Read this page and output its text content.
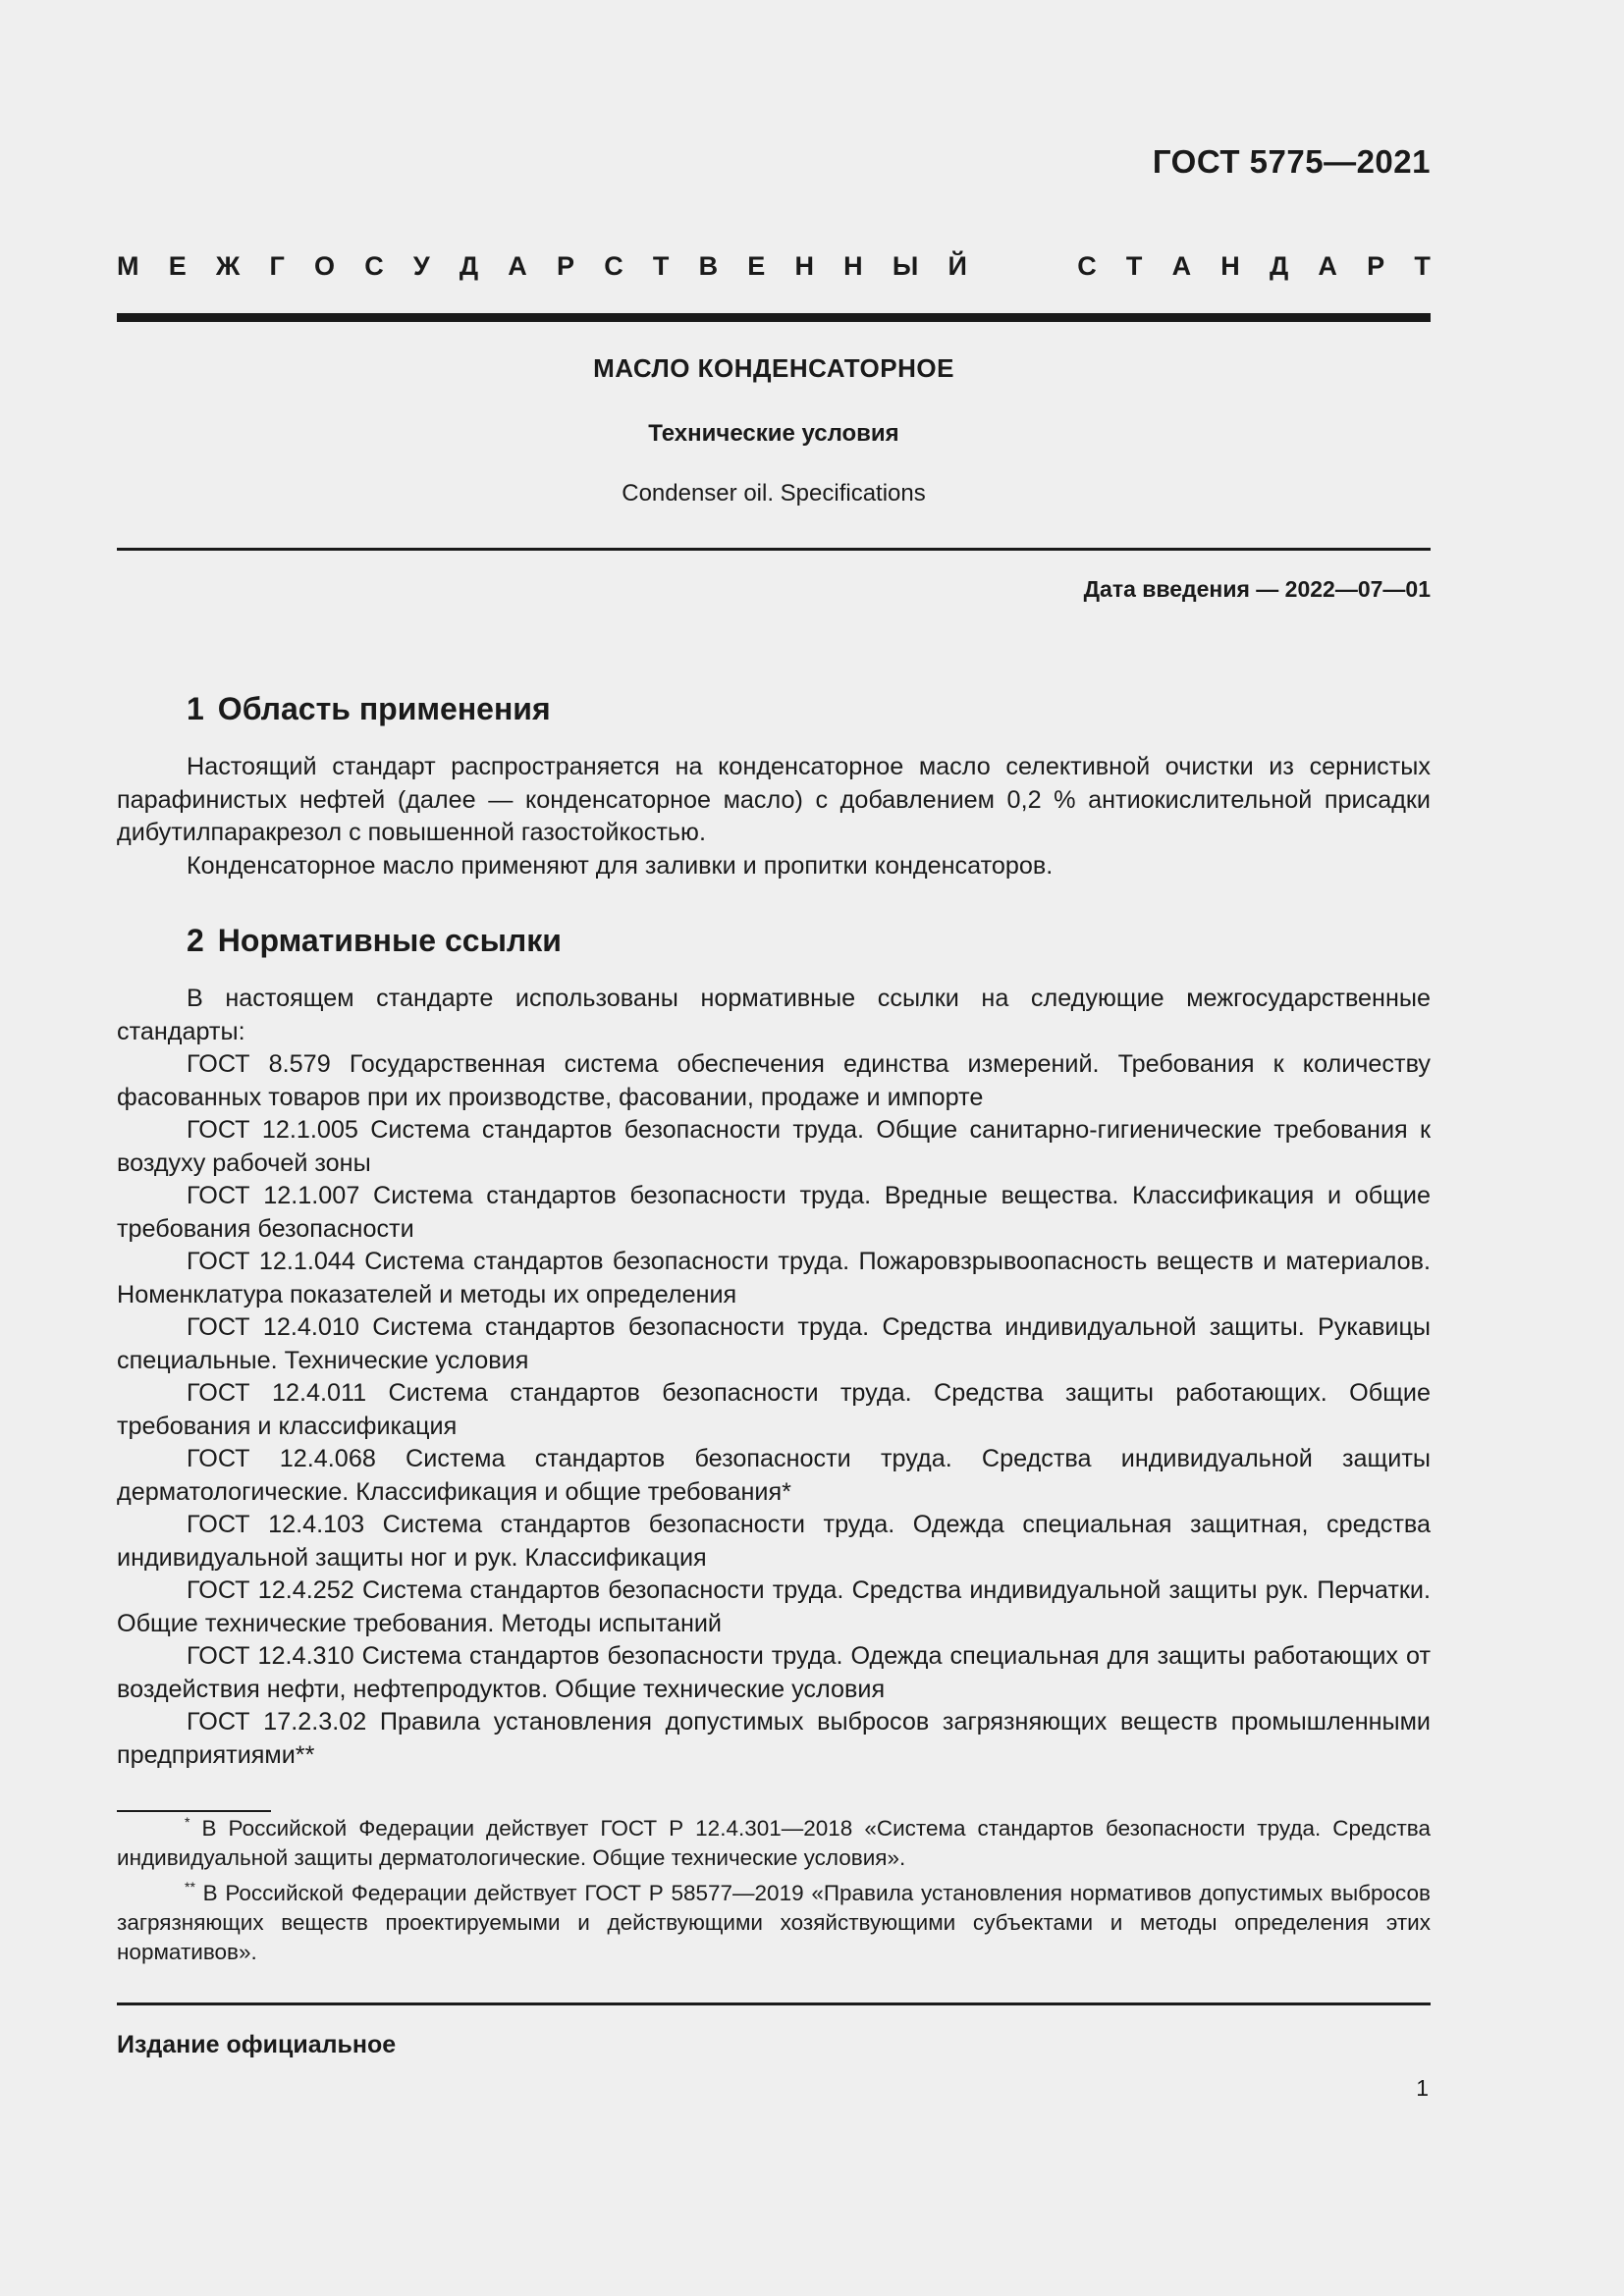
ГОСТ 5775—2021
М Е Ж Г О С У Д А Р С Т В Е Н Н Ы Й	С Т А Н Д А Р Т
МАСЛО КОНДЕНСАТОРНОЕ
Технические условия
Condenser oil. Specifications
Дата введения — 2022—07—01
1 Область применения

Настоящий стандарт распространяется на конденсаторное масло селективной очистки из сернистых парафинистых нефтей (далее — конденсаторное масло) с добавлением 0,2 % антиокислительной присадки дибутилпаракрезол с повышенной газостойкостью.

Конденсаторное масло применяют для заливки и пропитки конденсаторов.

2 Нормативные ссылки

В настоящем стандарте использованы нормативные ссылки на следующие межгосударственные стандарты:

ГОСТ 8.579 Государственная система обеспечения единства измерений. Требования к количеству фасованных товаров при их производстве, фасовании, продаже и импорте

ГОСТ 12.1.005 Система стандартов безопасности труда. Общие санитарно-гигиенические требования к воздуху рабочей зоны

ГОСТ 12.1.007 Система стандартов безопасности труда. Вредные вещества. Классификация и общие требования безопасности

ГОСТ 12.1.044 Система стандартов безопасности труда. Пожаровзрывоопасность веществ и материалов. Номенклатура показателей и методы их определения

ГОСТ 12.4.010 Система стандартов безопасности труда. Средства индивидуальной защиты. Рукавицы специальные. Технические условия

ГОСТ 12.4.011 Система стандартов безопасности труда. Средства защиты работающих. Общие требования и классификация

ГОСТ 12.4.068 Система стандартов безопасности труда. Средства индивидуальной защиты дерматологические. Классификация и общие требования*

ГОСТ 12.4.103 Система стандартов безопасности труда. Одежда специальная защитная, средства индивидуальной защиты ног и рук. Классификация

ГОСТ 12.4.252 Система стандартов безопасности труда. Средства индивидуальной защиты рук. Перчатки. Общие технические требования. Методы испытаний

ГОСТ 12.4.310 Система стандартов безопасности труда. Одежда специальная для защиты работающих от воздействия нефти, нефтепродуктов. Общие технические условия

ГОСТ 17.2.3.02 Правила установления допустимых выбросов загрязняющих веществ промышленными предприятиями**

* В Российской Федерации действует ГОСТ Р 12.4.301—2018 «Система стандартов безопасности труда. Средства индивидуальной защиты дерматологические. Общие технические условия».

** В Российской Федерации действует ГОСТ Р 58577—2019 «Правила установления нормативов допустимых выбросов загрязняющих веществ проектируемыми и действующими хозяйствующими субъектами и методы определения этих нормативов».

Издание официальное
1
